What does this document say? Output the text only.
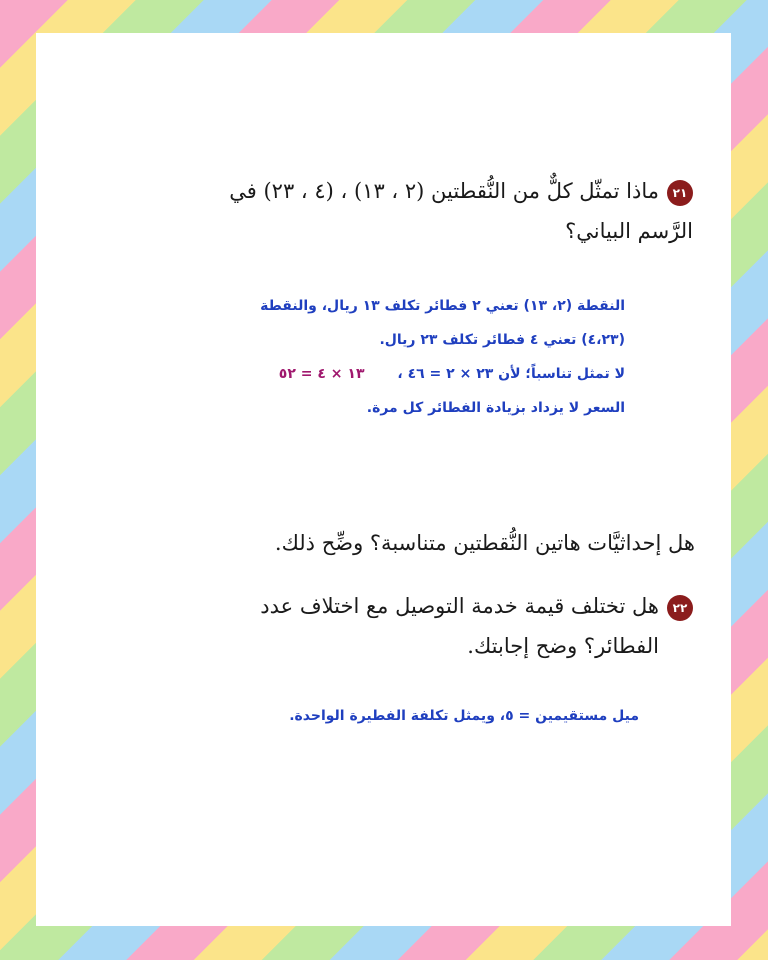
٢١ماذا تمثّل كلٌّ من النُّقطتين (٢ ، ١٣) ، (٤ ، ٢٣) في
الرَّسم البياني؟
النقطة (٢، ١٣) تعني ٢ فطائر تكلف ١٣ ريال، والنقطة
(٤،٢٣) تعني ٤ فطائر تكلف ٢٣ ريال.
لا تمثل تناسباً؛ لأن ٢٣ × ٢ = ٤٦ ، ١٣ × ٤ = ٥٢
السعر لا يزداد بزيادة الفطائر كل مرة.
هل إحداثيَّات هاتين النُّقطتين متناسبة؟ وضِّح ذلك.
٢٢هل تختلف قيمة خدمة التوصيل مع اختلاف عدد
الفطائر؟ وضح إجابتك.
ميل مستقيمين = ٥، ويمثل تكلفة الفطيرة الواحدة.
